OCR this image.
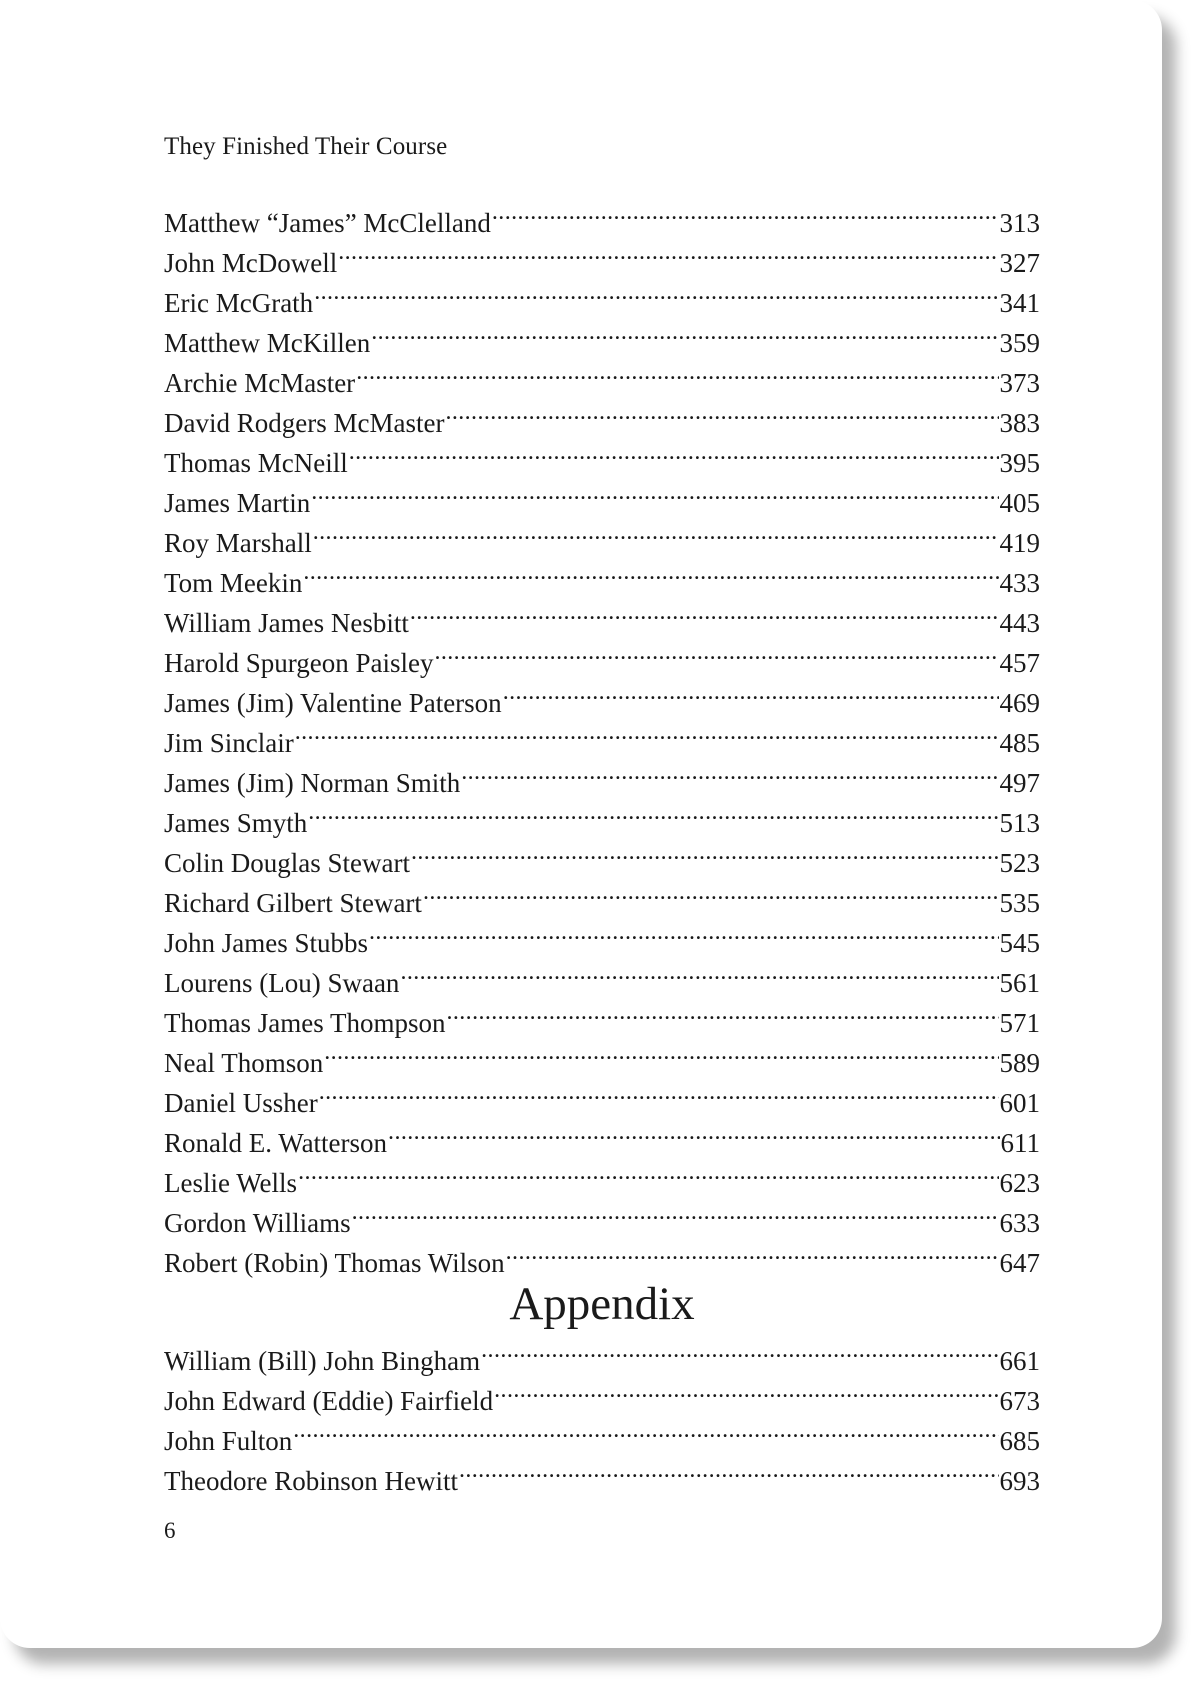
They Finished Their Course
Matthew “James” McClelland .....	313
John McDowell .....	327
Eric McGrath .....	341
Matthew McKillen .....	359
Archie McMaster .....	373
David Rodgers McMaster .....	383
Thomas McNeill .....	395
James Martin .....	405
Roy Marshall .....	419
Tom Meekin .....	433
William James Nesbitt .....	443
Harold Spurgeon Paisley .....	457
James (Jim) Valentine Paterson .....	469
Jim Sinclair .....	485
James (Jim) Norman Smith .....	497
James Smyth .....	513
Colin Douglas Stewart .....	523
Richard Gilbert Stewart .....	535
John James Stubbs .....	545
Lourens (Lou) Swaan .....	561
Thomas James Thompson .....	571
Neal Thomson .....	589
Daniel Ussher .....	601
Ronald E. Watterson .....	611
Leslie Wells .....	623
Gordon Williams .....	633
Robert (Robin) Thomas Wilson .....	647
Appendix
William (Bill) John Bingham .....	661
John Edward (Eddie) Fairfield .....	673
John Fulton .....	685
Theodore Robinson Hewitt .....	693
6
